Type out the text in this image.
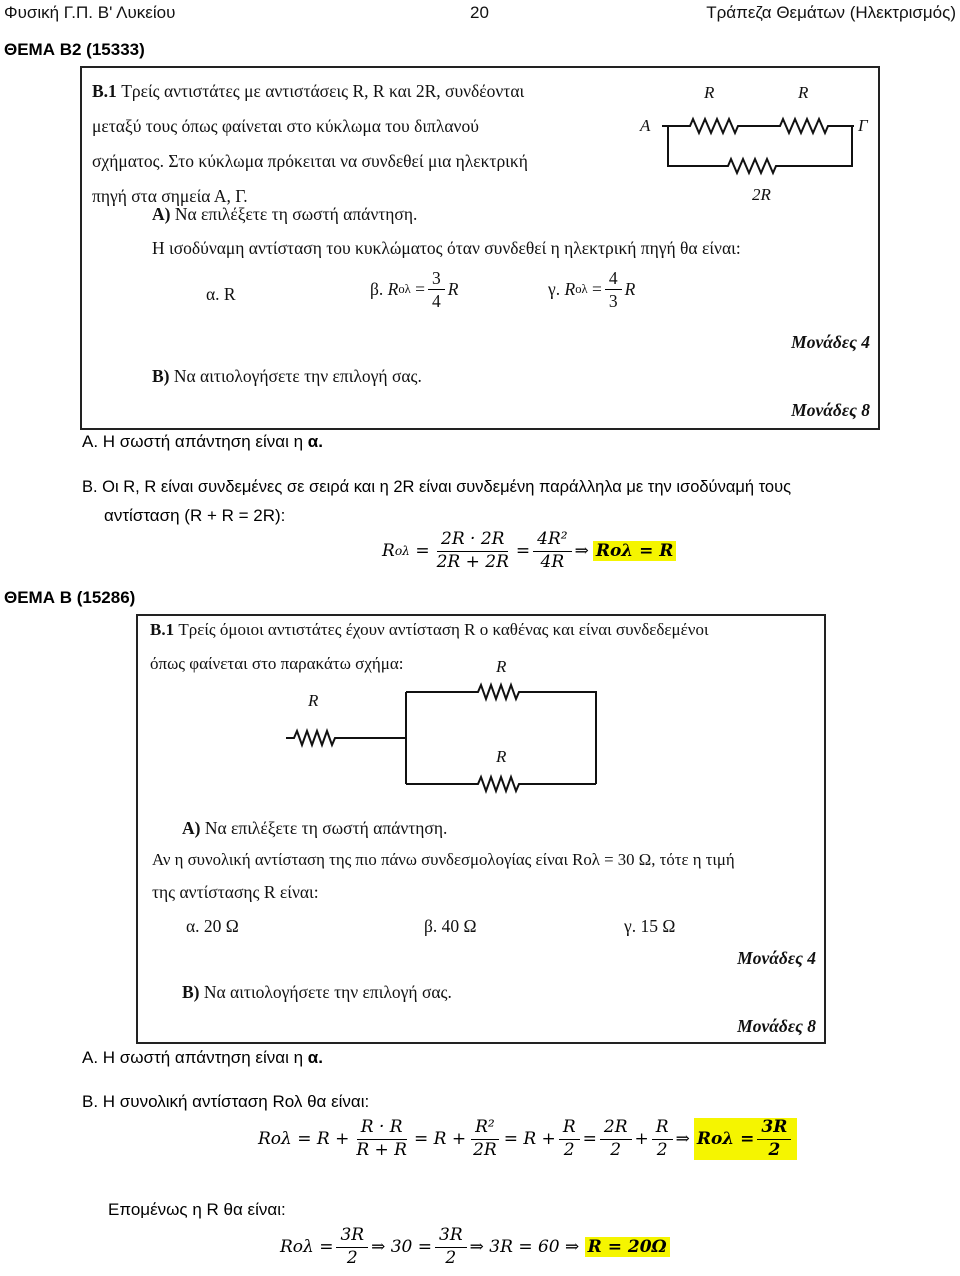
Φυσική Γ.Π. Β' Λυκείου	20	Τράπεζα Θεμάτων (Ηλεκτρισμός)
ΘΕΜΑ Β2 (15333)
B.1 Τρείς αντιστάτες με αντιστάσεις R, R και 2R, συνδέονται
μεταξύ τους όπως φαίνεται στο κύκλωμα του διπλανού
σχήματος. Στο κύκλωμα πρόκειται να συνδεθεί μια ηλεκτρική
πηγή στα σημεία Α, Γ.
Α	Γ
R	R
2R
Α) Να επιλέξετε τη σωστή απάντηση.
Η ισοδύναμη αντίσταση του κυκλώματος όταν συνδεθεί η ηλεκτρική πηγή θα είναι:
α. R	β.
R $o\lambda = \frac{3}{4}$ R	γ.
R $o\lambda = \frac{4}{3}$ R
Μονάδες 4
Β) Να αιτιολογήσετε την επιλογή σας.
Μονάδες 8
Α. Η σωστή απάντηση είναι η α.
Β. Οι R, R είναι συνδεμένες σε σειρά και η 2R είναι συνδεμένη παράλληλα με την ισοδύναμή τους
αντίσταση (R + R = 2R):
R $o\lambda = \frac{2R \cdot 2R}{2R + 2R} = \frac{\text{4R²}}{4R}$ ⇒ Rολ = R
ΘΕΜΑ Β (15286)
B.1 Τρείς όμοιοι αντιστάτες έχουν αντίσταση R ο καθένας και είναι συνδεδεμένοι
όπως φαίνεται στο παρακάτω σχήμα:
R
R
R
Α) Να επιλέξετε τη σωστή απάντηση.
Αν η συνολική αντίσταση της πιο πάνω συνδεσμολογίας είναι Rολ = 30 Ω, τότε η τιμή
της αντίστασης R είναι:
α. 20 Ω	β. 40 Ω	γ. 15 Ω
Μονάδες 4
Β) Να αιτιολογήσετε την επιλογή σας.
Μονάδες 8
Α. Η σωστή απάντηση είναι η α.
Β. Η συνολική αντίσταση Rολ θα είναι:
$Ro\lambda = R + \frac{R \cdot R}{R + R} = R + \frac{\text{R²}}{2R} = R + \frac{R}{2} = \frac{2R}{2} + \frac{R}{2}$ ⇒ $Ro\lambda = \frac{3R}{2}$
Επομένως η R θα είναι:
$Ro\lambda = \frac{3R}{2}$ ⇒ $30 = \frac{3R}{2}$ ⇒ 3R = 60 ⇒
R = 20Ω
